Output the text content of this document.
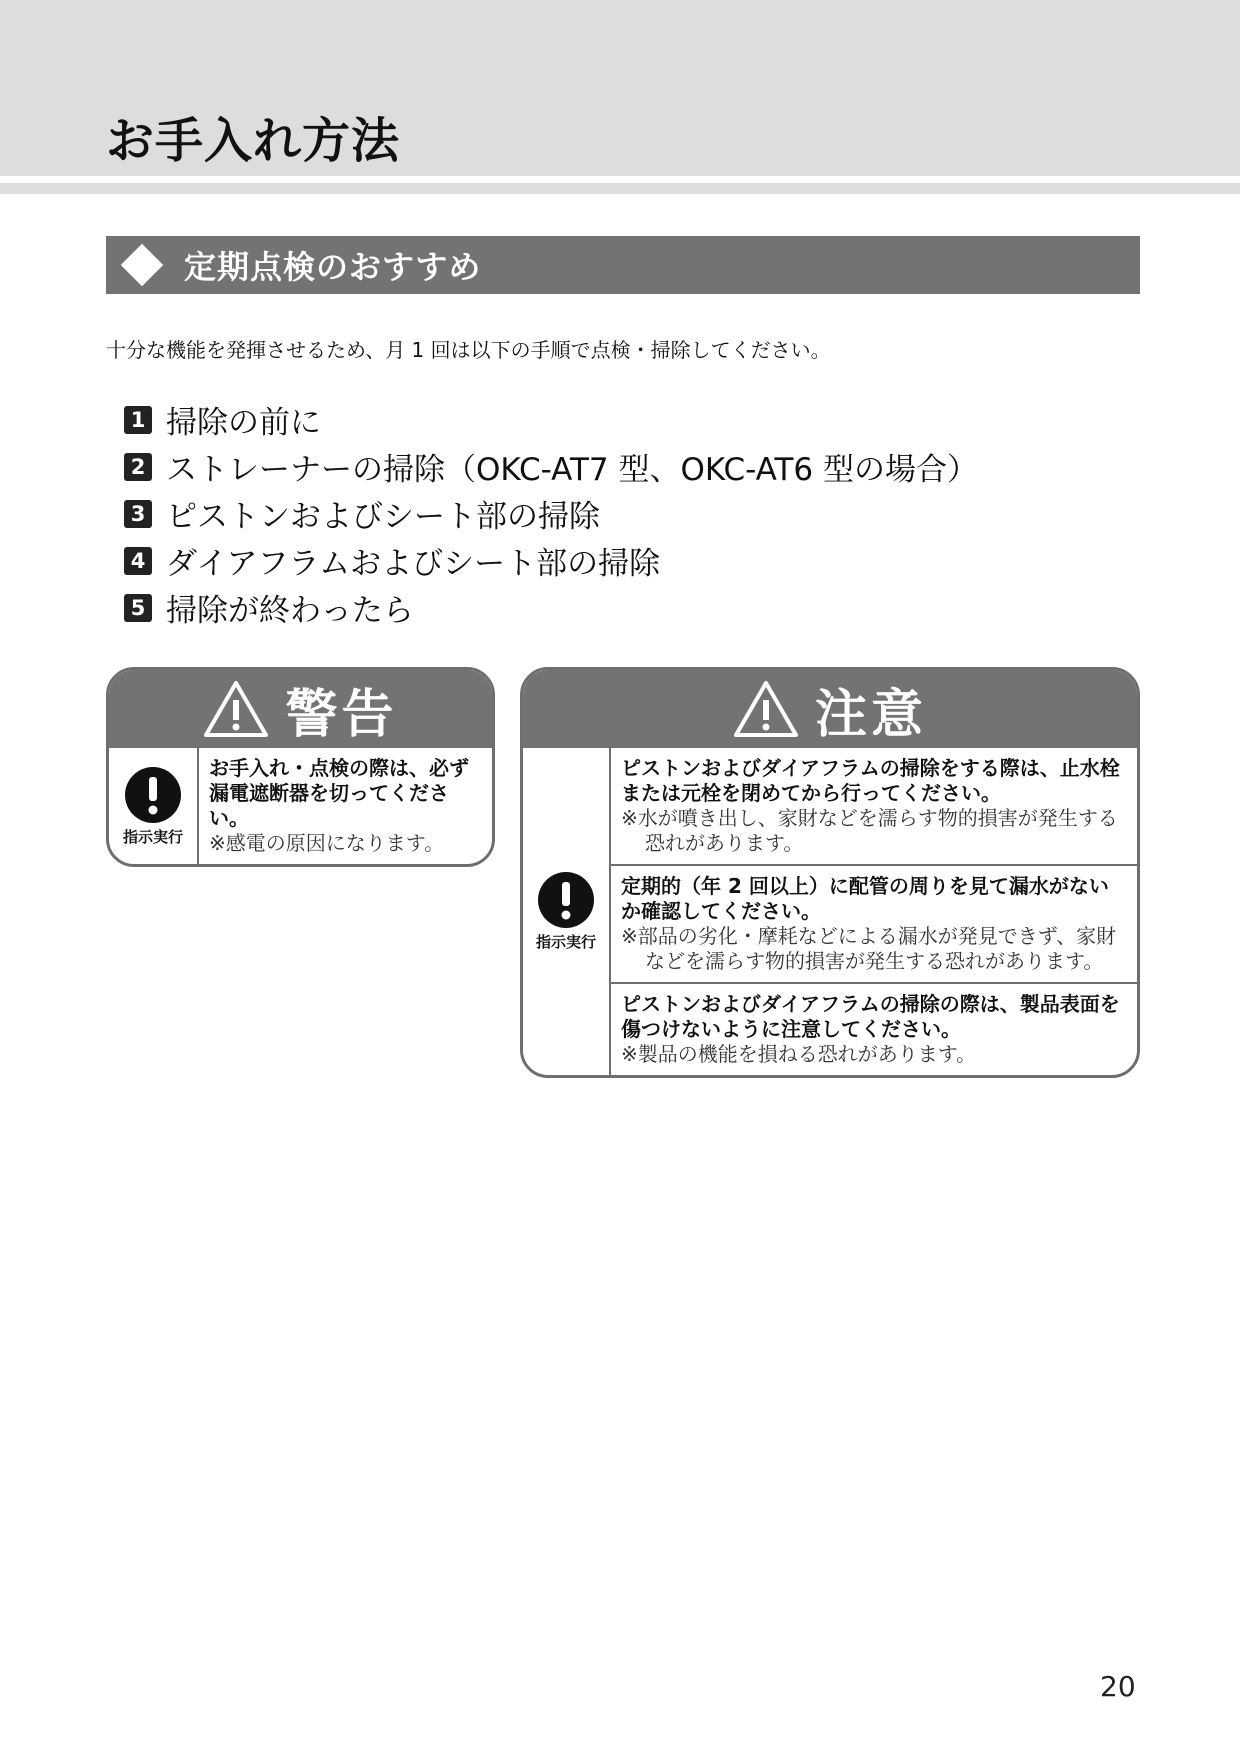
お手入れ方法
定期点検のおすすめ

十分な機能を発揮させるため、月 1 回は以下の手順で点検・掃除してください。

1 掃除の前に
2 ストレーナーの掃除（OKC-AT7 型、OKC-AT6 型の場合）
3 ピストンおよびシート部の掃除
4 ダイアフラムおよびシート部の掃除
5 掃除が終わったら
警告
指示実行
お手入れ・点検の際は、必ず漏電遮断器を切ってください。
※感電の原因になります。
注意
指示実行
ピストンおよびダイアフラムの掃除をする際は、止水栓または元栓を閉めてから行ってください。
※水が噴き出し、家財などを濡らす物的損害が発生する恐れがあります。
定期的（年 2 回以上）に配管の周りを見て漏水がないか確認してください。
※部品の劣化・摩耗などによる漏水が発見できず、家財などを濡らす物的損害が発生する恐れがあります。
ピストンおよびダイアフラムの掃除の際は、製品表面を傷つけないように注意してください。
※製品の機能を損ねる恐れがあります。

20
